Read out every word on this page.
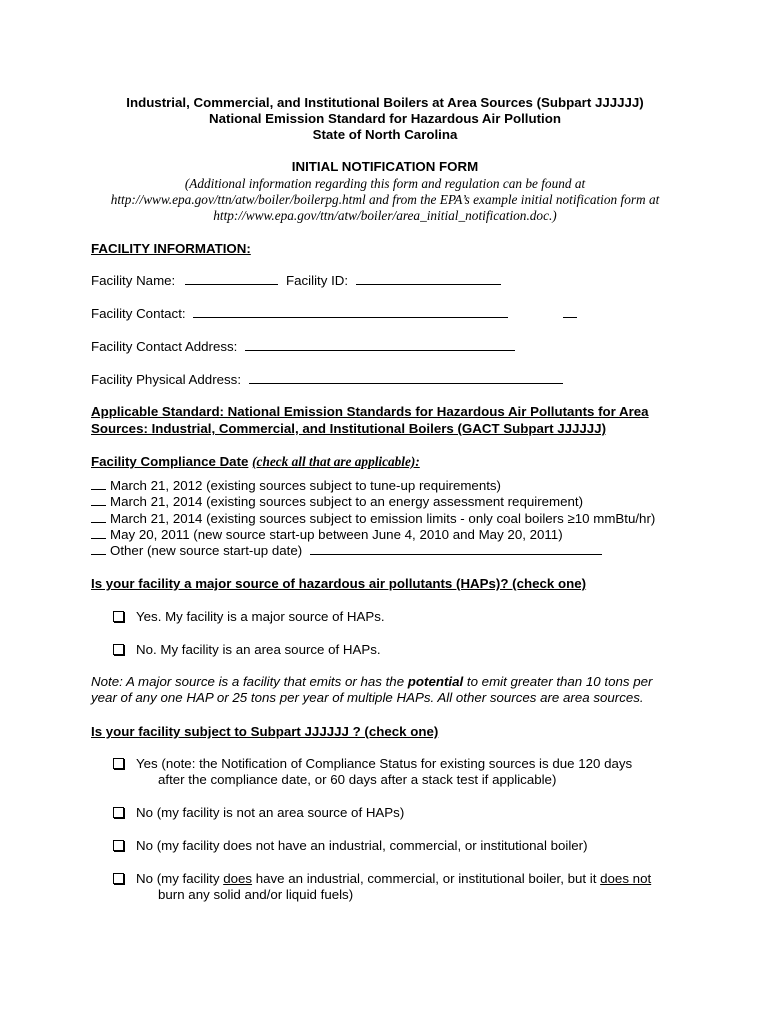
Industrial, Commercial, and Institutional Boilers at Area Sources (Subpart JJJJJJ)
National Emission Standard for Hazardous Air Pollution
State of North Carolina
INITIAL NOTIFICATION FORM
(Additional information regarding this form and regulation can be found at
http://www.epa.gov/ttn/atw/boiler/boilerpg.html and from the EPA’s example initial notification form at
http://www.epa.gov/ttn/atw/boiler/area_initial_notification.doc.)
FACILITY INFORMATION:
Facility Name:	Facility ID:
Facility Contact:
Facility Contact Address:
Facility Physical Address:
Applicable Standard: National Emission Standards for Hazardous Air Pollutants for Area
Sources: Industrial, Commercial, and Institutional Boilers (GACT Subpart JJJJJJ)
Facility Compliance Date (check all that are applicable):
March 21, 2012 (existing sources subject to tune-up requirements)
March 21, 2014 (existing sources subject to an energy assessment requirement)
March 21, 2014 (existing sources subject to emission limits - only coal boilers ≥10 mmBtu/hr)
May 20, 2011 (new source start-up between June 4, 2010 and May 20, 2011)
Other (new source start-up date)
Is your facility a major source of hazardous air pollutants (HAPs)? (check one)
Yes. My facility is a major source of HAPs.
No. My facility is an area source of HAPs.
Note: A major source is a facility that emits or has the potential to emit greater than 10 tons per
year of any one HAP or 25 tons per year of multiple HAPs. All other sources are area sources.
Is your facility subject to Subpart JJJJJJ ? (check one)
Yes (note: the Notification of Compliance Status for existing sources is due 120 days
after the compliance date, or 60 days after a stack test if applicable)
No (my facility is not an area source of HAPs)
No (my facility does not have an industrial, commercial, or institutional boiler)
No (my facility does have an industrial, commercial, or institutional boiler, but it does not
burn any solid and/or liquid fuels)
